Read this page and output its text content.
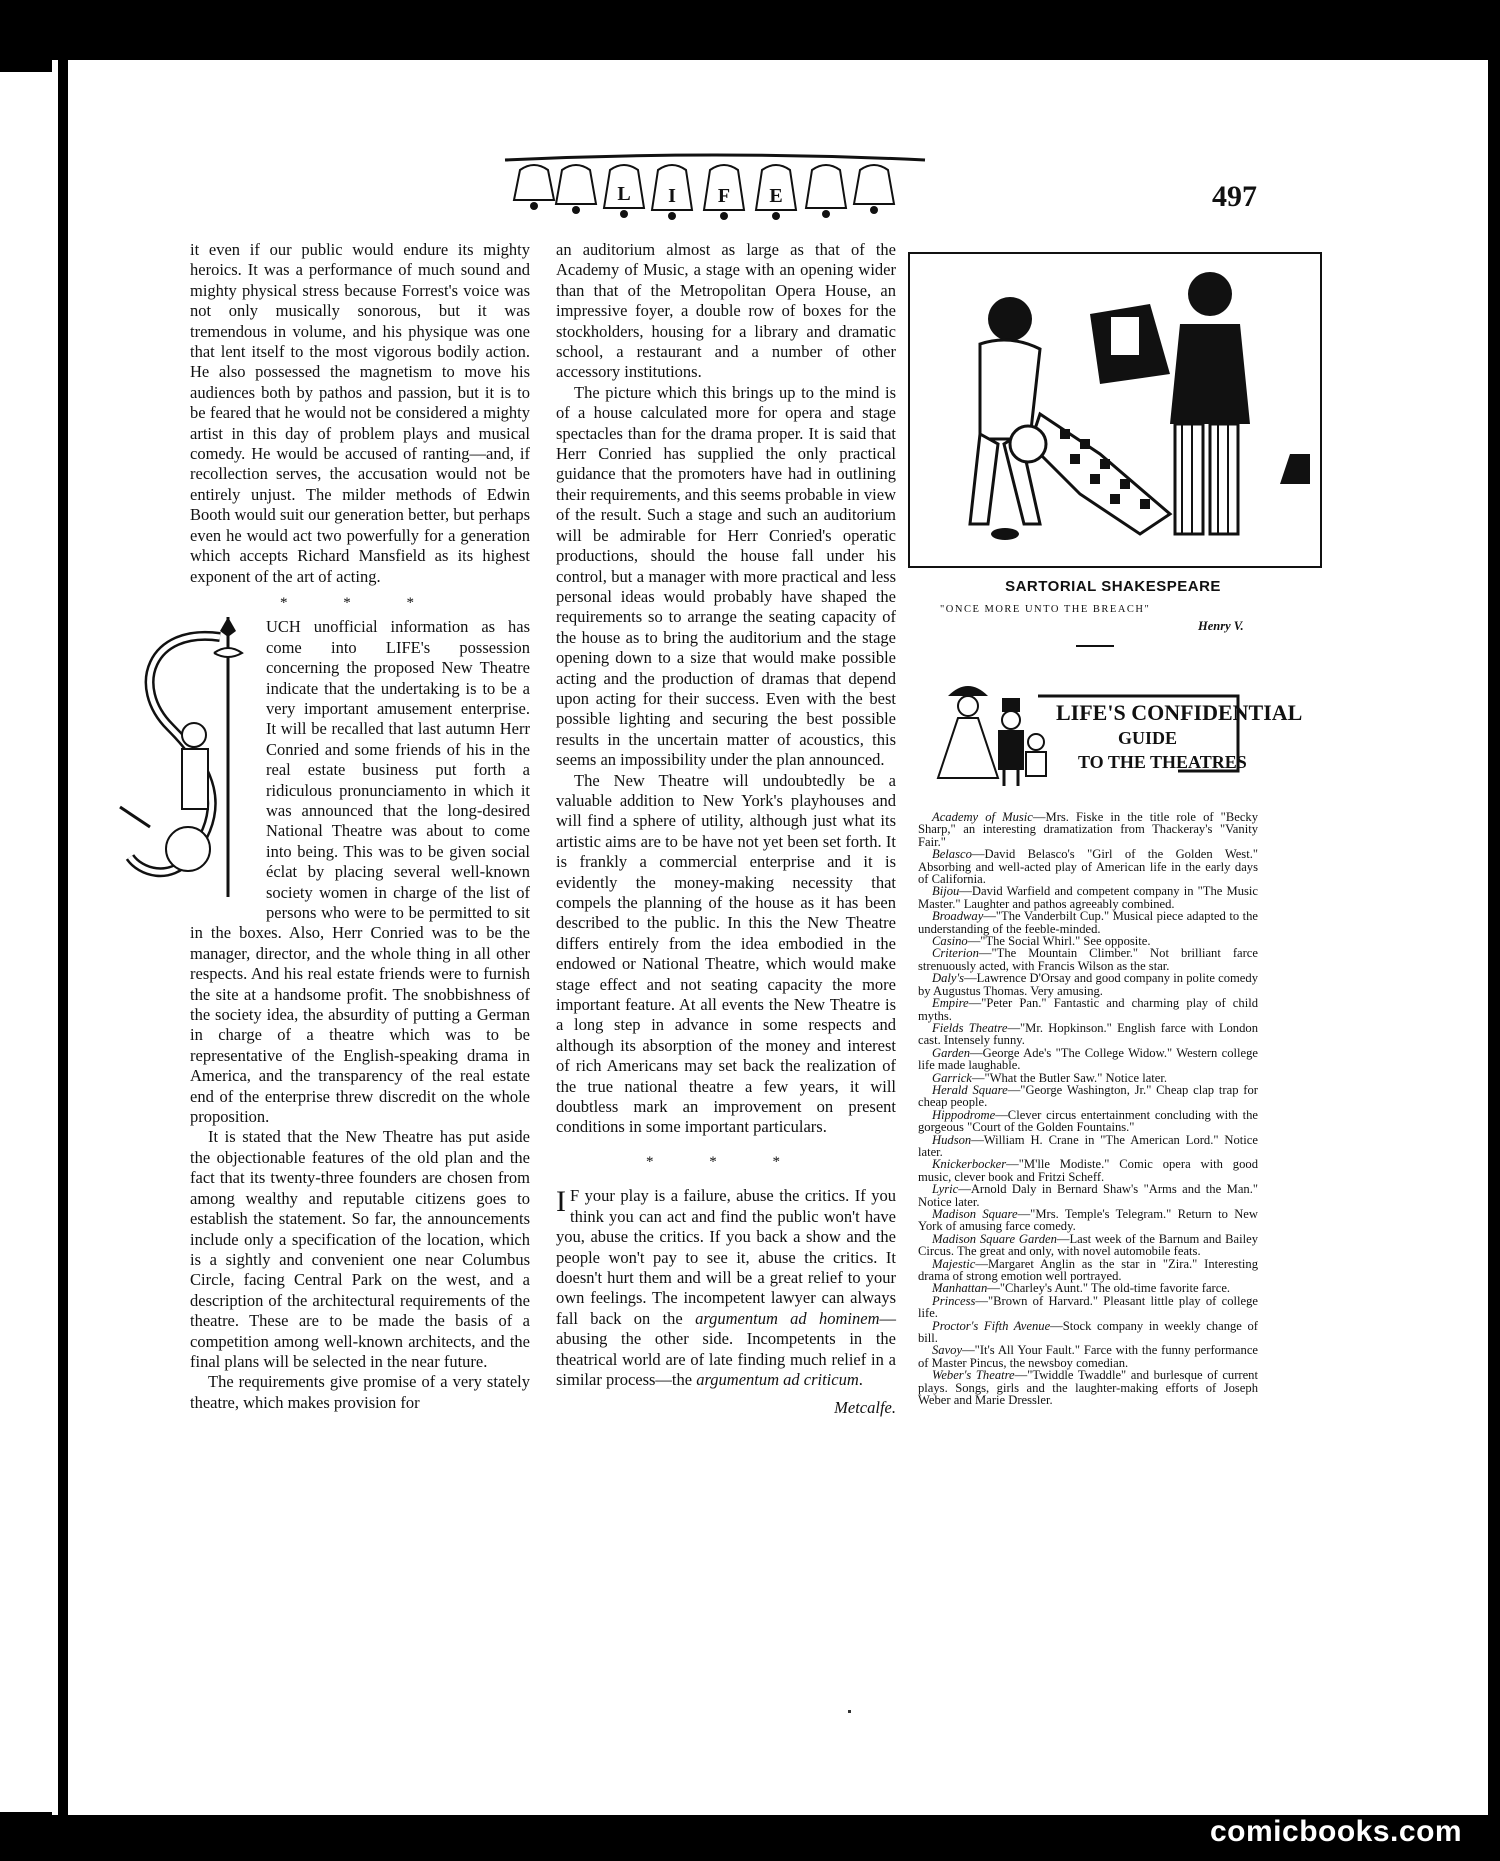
L I F E	497

it even if our public would endure its mighty heroics. It was a performance of much sound and mighty physical stress because Forrest's voice was not only musically sonorous, but it was tremendous in volume, and his physique was one that lent itself to the most vigorous bodily action. He also possessed the magnetism to move his audiences both by pathos and passion, but it is to be feared that he would not be considered a mighty artist in this day of problem plays and musical comedy. He would be accused of ranting—and, if recollection serves, the accusation would not be entirely unjust. The milder methods of Edwin Booth would suit our generation better, but perhaps even he would act two powerfully for a generation which accepts Richard Mansfield as its highest exponent of the art of acting.

* * *

UCH unofficial information as has come into LIFE's possession concerning the proposed New Theatre indicate that the undertaking is to be a very important amusement enterprise. It will be recalled that last autumn Herr Conried and some friends of his in the real estate business put forth a ridiculous pronunciamento in which it was announced that the long-desired National Theatre was about to come into being. This was to be given social éclat by placing several well-known society women in charge of the list of persons who were to be permitted to sit in the boxes. Also, Herr Conried was to be the manager, director, and the whole thing in all other respects. And his real estate friends were to furnish the site at a handsome profit. The snobbishness of the society idea, the absurdity of putting a German in charge of a theatre which was to be representative of the English-speaking drama in America, and the transparency of the real estate end of the enterprise threw discredit on the whole proposition.

It is stated that the New Theatre has put aside the objectionable features of the old plan and the fact that its twenty-three founders are chosen from among wealthy and reputable citizens goes to establish the statement. So far, the announcements include only a specification of the location, which is a sightly and convenient one near Columbus Circle, facing Central Park on the west, and a description of the architectural requirements of the theatre. These are to be made the basis of a competition among well-known architects, and the final plans will be selected in the near future.

The requirements give promise of a very stately theatre, which makes provision for

an auditorium almost as large as that of the Academy of Music, a stage with an opening wider than that of the Metropolitan Opera House, an impressive foyer, a double row of boxes for the stockholders, housing for a library and dramatic school, a restaurant and a number of other accessory institutions.

The picture which this brings up to the mind is of a house calculated more for opera and stage spectacles than for the drama proper. It is said that Herr Conried has supplied the only practical guidance that the promoters have had in outlining their requirements, and this seems probable in view of the result. Such a stage and such an auditorium will be admirable for Herr Conried's operatic productions, should the house fall under his control, but a manager with more practical and less personal ideas would probably have shaped the requirements so to arrange the seating capacity of the house as to bring the auditorium and the stage opening down to a size that would make possible acting and the production of dramas that depend upon acting for their success. Even with the best possible lighting and securing the best possible results in the uncertain matter of acoustics, this seems an impossibility under the plan announced.

The New Theatre will undoubtedly be a valuable addition to New York's playhouses and will find a sphere of utility, although just what its artistic aims are to be have not yet been set forth. It is frankly a commercial enterprise and it is evidently the money-making necessity that compels the planning of the house as it has been described to the public. In this the New Theatre differs entirely from the idea embodied in the endowed or National Theatre, which would make stage effect and not seating capacity the more important feature. At all events the New Theatre is a long step in advance in some respects and although its absorption of the money and interest of rich Americans may set back the realization of the true national theatre a few years, it will doubtless mark an improvement on present conditions in some important particulars.

* * *

I F your play is a failure, abuse the critics. If you think you can act and find the public won't have you, abuse the critics. If you back a show and the people won't pay to see it, abuse the critics. It doesn't hurt them and will be a great relief to your own feelings. The incompetent lawyer can always fall back on the argumentum ad hominem—abusing the other side. Incompetents in the theatrical world are of late finding much relief in a similar process—the argumentum ad criticum.

Metcalfe.
SARTORIAL SHAKESPEARE
"ONCE MORE UNTO THE BREACH"
Henry V.
LIFE'S CONFIDENTIAL
GUIDE
TO THE THEATRES

Academy of Music—Mrs. Fiske in the title role of "Becky Sharp," an interesting dramatization from Thackeray's "Vanity Fair."

Belasco—David Belasco's "Girl of the Golden West." Absorbing and well-acted play of American life in the early days of California.

Bijou—David Warfield and competent company in "The Music Master." Laughter and pathos agreeably combined.

Broadway—"The Vanderbilt Cup." Musical piece adapted to the understanding of the feeble-minded.

Casino—"The Social Whirl." See opposite.

Criterion—"The Mountain Climber." Not brilliant farce strenuously acted, with Francis Wilson as the star.

Daly's—Lawrence D'Orsay and good company in polite comedy by Augustus Thomas. Very amusing.

Empire—"Peter Pan." Fantastic and charming play of child myths.

Fields Theatre—"Mr. Hopkinson." English farce with London cast. Intensely funny.

Garden—George Ade's "The College Widow." Western college life made laughable.

Garrick—"What the Butler Saw." Notice later.

Herald Square—"George Washington, Jr." Cheap clap trap for cheap people.

Hippodrome—Clever circus entertainment concluding with the gorgeous "Court of the Golden Fountains."

Hudson—William H. Crane in "The American Lord." Notice later.

Knickerbocker—"M'lle Modiste." Comic opera with good music, clever book and Fritzi Scheff.

Lyric—Arnold Daly in Bernard Shaw's "Arms and the Man." Notice later.

Madison Square—"Mrs. Temple's Telegram." Return to New York of amusing farce comedy.

Madison Square Garden—Last week of the Barnum and Bailey Circus. The great and only, with novel automobile feats.

Majestic—Margaret Anglin as the star in "Zira." Interesting drama of strong emotion well portrayed.

Manhattan—"Charley's Aunt." The old-time favorite farce.

Princess—"Brown of Harvard." Pleasant little play of college life.

Proctor's Fifth Avenue—Stock company in weekly change of bill.

Savoy—"It's All Your Fault." Farce with the funny performance of Master Pincus, the newsboy comedian.

Weber's Theatre—"Twiddle Twaddle" and burlesque of current plays. Songs, girls and the laughter-making efforts of Joseph Weber and Marie Dressler.

comicbooks.com
